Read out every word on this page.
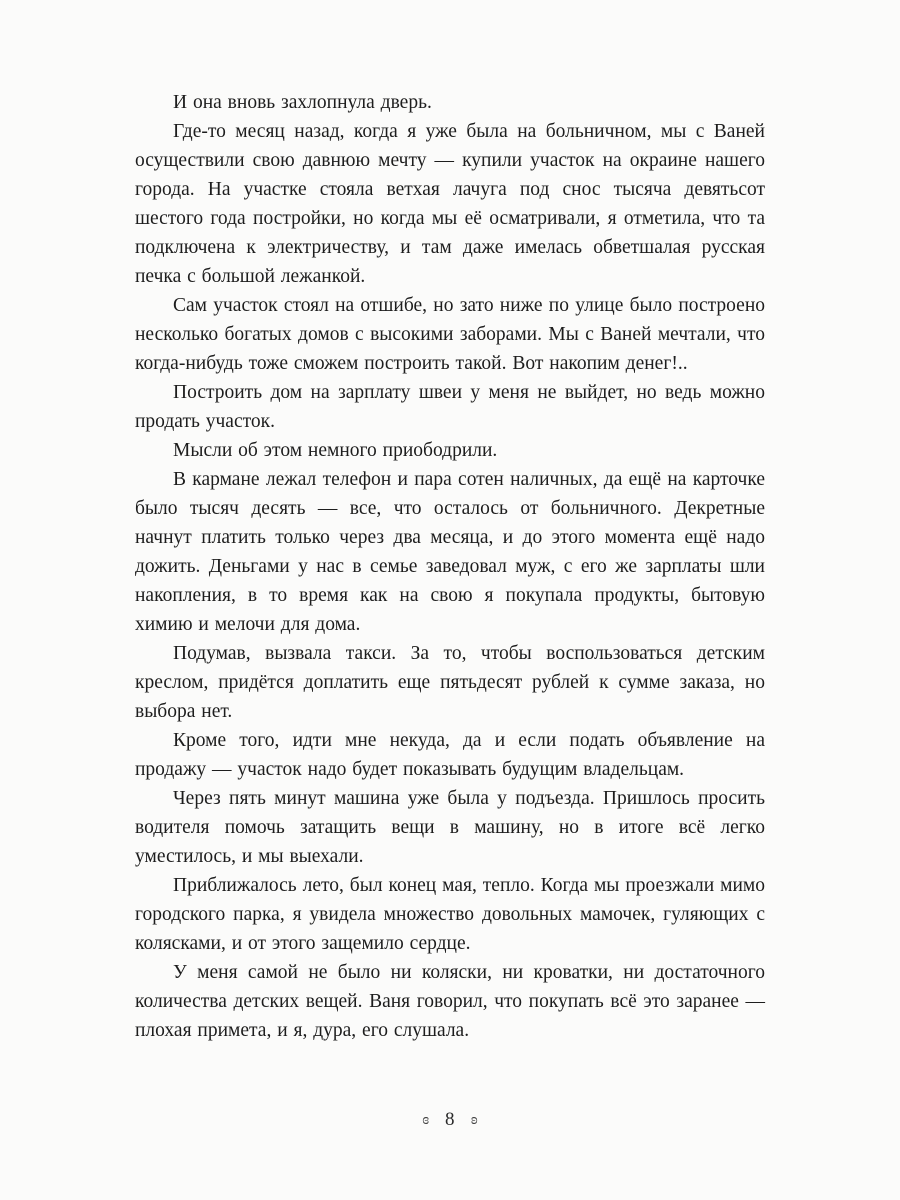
И она вновь захлопнула дверь.

Где-то месяц назад, когда я уже была на больничном, мы с Ваней осуществили свою давнюю мечту — купили участок на окраине нашего города. На участке стояла ветхая лачуга под снос тысяча девятьсот шестого года постройки, но когда мы её осматривали, я отметила, что та подключена к электричеству, и там даже имелась обветшалая русская печка с большой лежанкой.

Сам участок стоял на отшибе, но зато ниже по улице было построено несколько богатых домов с высокими заборами. Мы с Ваней мечтали, что когда-нибудь тоже сможем построить такой. Вот накопим денег!..

Построить дом на зарплату швеи у меня не выйдет, но ведь можно продать участок.

Мысли об этом немного приободрили.

В кармане лежал телефон и пара сотен наличных, да ещё на карточке было тысяч десять — все, что осталось от больничного. Декретные начнут платить только через два месяца, и до этого момента ещё надо дожить. Деньгами у нас в семье заведовал муж, с его же зарплаты шли накопления, в то время как на свою я покупала продукты, бытовую химию и мелочи для дома.

Подумав, вызвала такси. За то, чтобы воспользоваться детским креслом, придётся доплатить еще пятьдесят рублей к сумме заказа, но выбора нет.

Кроме того, идти мне некуда, да и если подать объявление на продажу — участок надо будет показывать будущим владельцам.

Через пять минут машина уже была у подъезда. Пришлось просить водителя помочь затащить вещи в машину, но в итоге всё легко уместилось, и мы выехали.

Приближалось лето, был конец мая, тепло. Когда мы проезжали мимо городского парка, я увидела множество довольных мамочек, гуляющих с колясками, и от этого защемило сердце.

У меня самой не было ни коляски, ни кроватки, ни достаточного количества детских вещей. Ваня говорил, что покупать всё это заранее — плохая примета, и я, дура, его слушала.

ɞ 8 ʚ
